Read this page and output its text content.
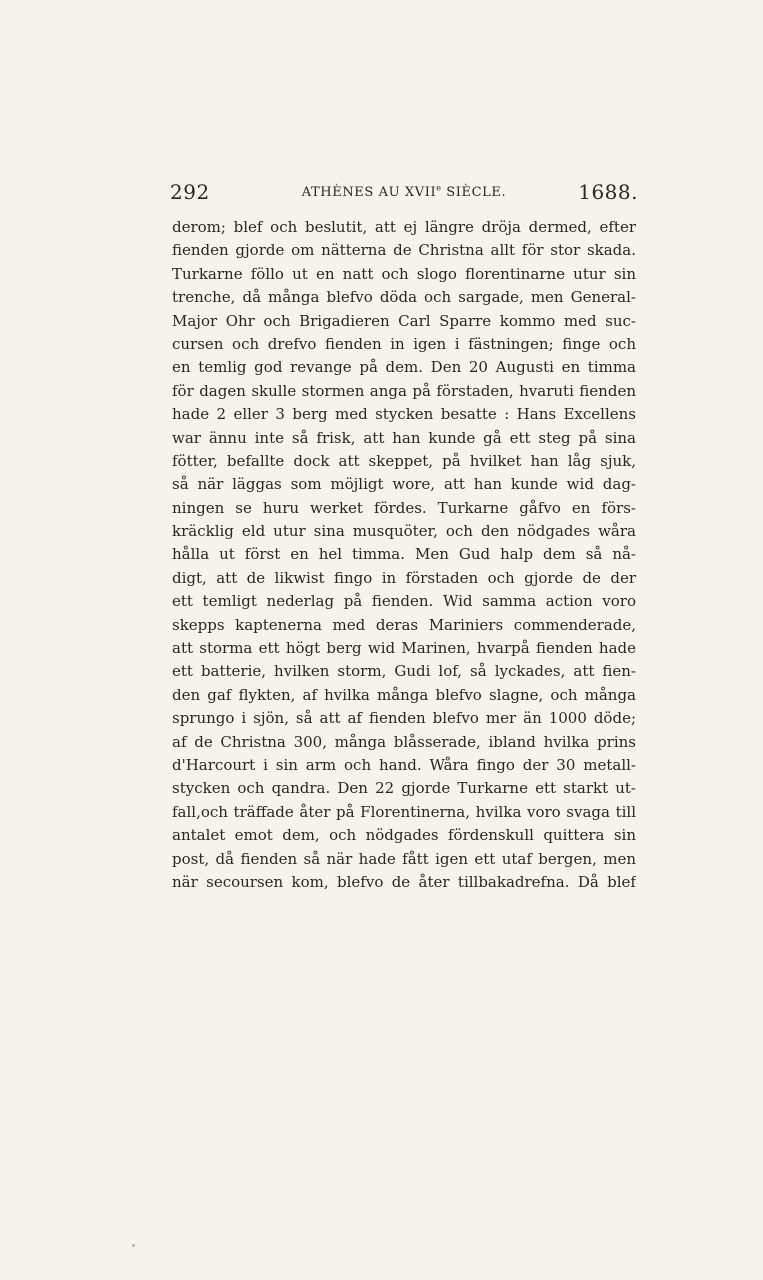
292	ATHÈNES AU XVIIe SIÈCLE.	1688.
derom; blef och beslutit, att ej längre dröja dermed, efter
fienden gjorde om nätterna de Christna allt för stor skada.
Turkarne föllo ut en natt och slogo florentinarne utur sin
trenche, då många blefvo döda och sargade, men General-
Major Ohr och Brigadieren Carl Sparre kommo med suc-
cursen och drefvo fienden in igen i fästningen; finge och
en temlig god revange på dem. Den 20 Augusti en timma
för dagen skulle stormen anga på förstaden, hvaruti fienden
hade 2 eller 3 berg med stycken besatte : Hans Excellens
war ännu inte så frisk, att han kunde gå ett steg på sina
fötter, befallte dock att skeppet, på hvilket han låg sjuk,
så när läggas som möjligt wore, att han kunde wid dag-
ningen se huru werket fördes. Turkarne gåfvo en förs-
kräcklig eld utur sina musquöter, och den nödgades wåra
hålla ut först en hel timma. Men Gud halp dem så nå-
digt, att de likwist fingo in förstaden och gjorde de der
ett temligt nederlag på fienden. Wid samma action voro
skepps kaptenerna med deras Mariniers commenderade,
att storma ett högt berg wid Marinen, hvarpå fienden hade
ett batterie, hvilken storm, Gudi lof, så lyckades, att fien-
den gaf flykten, af hvilka många blefvo slagne, och många
sprungo i sjön, så att af fienden blefvo mer än 1000 döde;
af de Christna 300, många blåsserade, ibland hvilka prins
d'Harcourt i sin arm och hand. Wåra fingo der 30 metall-
stycken och qandra. Den 22 gjorde Turkarne ett starkt ut-
fall,och träffade åter på Florentinerna, hvilka voro svaga till
antalet emot dem, och nödgades fördenskull quittera sin
post, då fienden så när hade fått igen ett utaf bergen, men
när secoursen kom, blefvo de åter tillbakadrefna. Då blef
